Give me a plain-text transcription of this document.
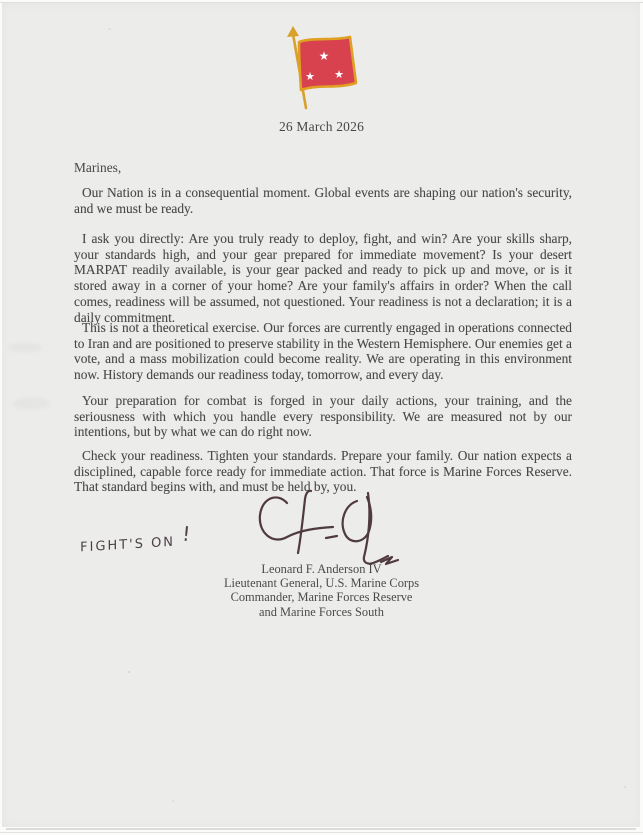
★
★ ★
26 March 2026
Marines,

Our Nation is in a consequential moment. Global events are shaping our nation's security, and we must be ready.

I ask you directly: Are you truly ready to deploy, fight, and win? Are your skills sharp, your standards high, and your gear prepared for immediate movement? Is your desert MARPAT readily available, is your gear packed and ready to pick up and move, or is it stored away in a corner of your home? Are your family's affairs in order? When the call comes, readiness will be assumed, not questioned. Your readiness is not a declaration; it is a daily commitment.

This is not a theoretical exercise. Our forces are currently engaged in operations connected to Iran and are positioned to preserve stability in the Western Hemisphere. Our enemies get a vote, and a mass mobilization could become reality. We are operating in this environment now. History demands our readiness today, tomorrow, and every day.

Your preparation for combat is forged in your daily actions, your training, and the seriousness with which you handle every responsibility. We are measured not by our intentions, but by what we can do right now.

Check your readiness. Tighten your standards. Prepare your family. Our nation expects a disciplined, capable force ready for immediate action. That force is Marine Forces Reserve. That standard begins with, and must be held by, you.

FIGHT'S ON !
Leonard F. Anderson IV
Lieutenant General, U.S. Marine Corps
Commander, Marine Forces Reserve
and Marine Forces South
